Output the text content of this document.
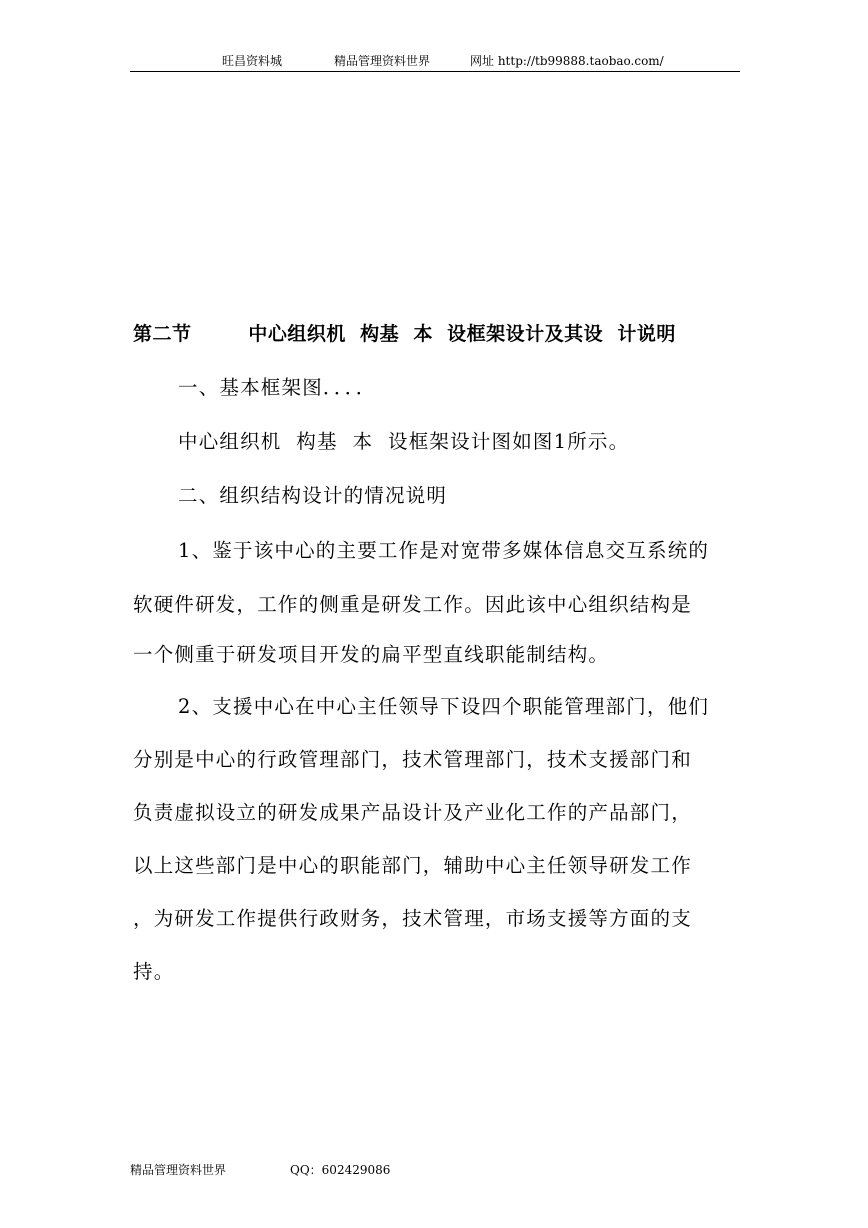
旺昌资料城	精品管理资料世界	网址 http://tb99888.taobao.com/
第二节        中心组织机  构基  本  设框架设计及其设  计说明
一、基本框架图．．．．
中心组织机  构基  本  设框架设计图如图1所示。
二、组织结构设计的情况说明
1、鉴于该中心的主要工作是对宽带多媒体信息交互系统的
软硬件研发，工作的侧重是研发工作。因此该中心组织结构是
一个侧重于研发项目开发的扁平型直线职能制结构。
2、支援中心在中心主任领导下设四个职能管理部门，他们
分别是中心的行政管理部门，技术管理部门，技术支援部门和
负责虚拟设立的研发成果产品设计及产业化工作的产品部门，
以上这些部门是中心的职能部门，辅助中心主任领导研发工作
，为研发工作提供行政财务，技术管理，市场支援等方面的支
持。
精品管理资料世界	QQ：602429086
